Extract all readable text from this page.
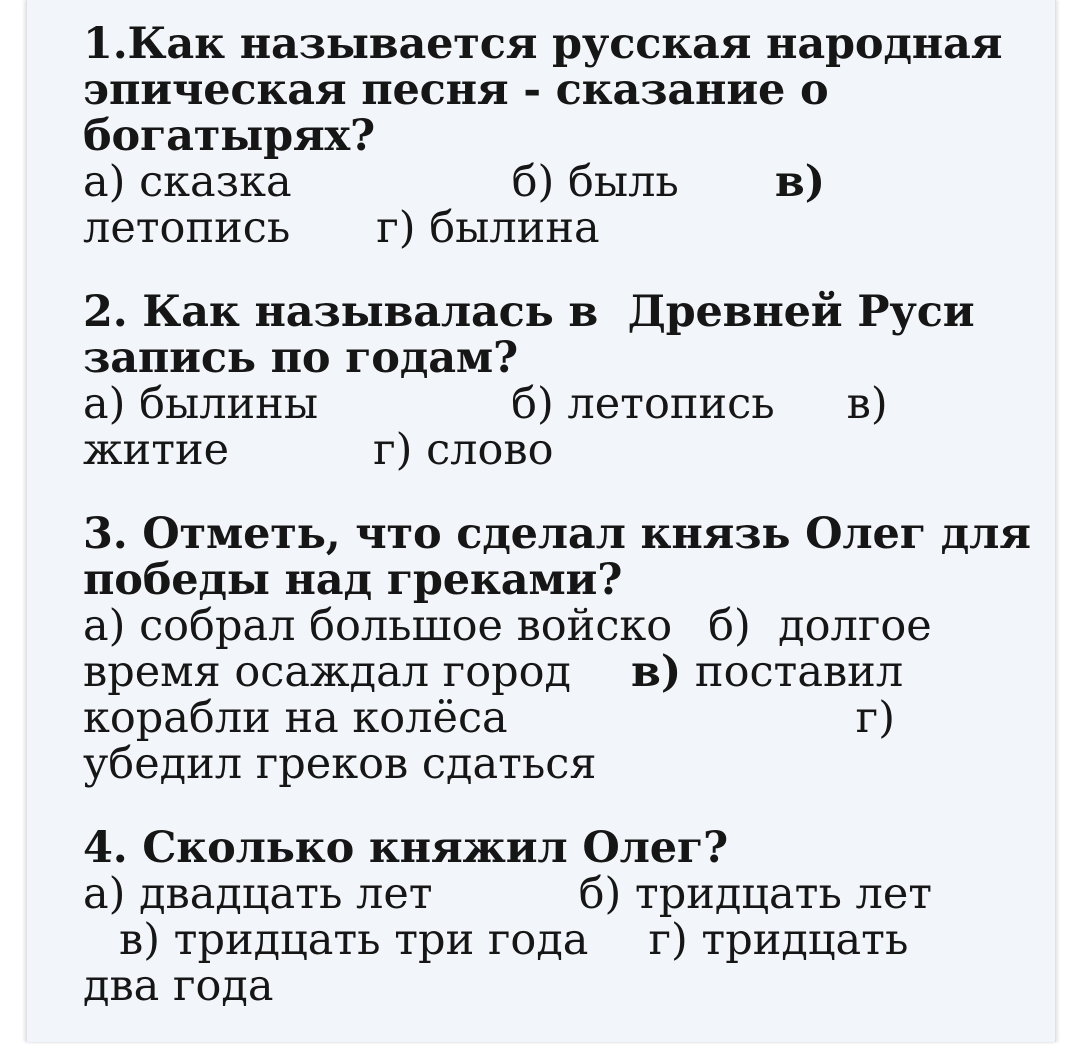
1.Как называется русская народная
эпическая песня - сказание о
богатырях?
а) сказка	б) быль в)
летопись г) былина
2. Как называлась в  Древней Руси
запись по годам?
а) былины	б) летопись в)
житие	г) слово
3. Отметь, что сделал князь Олег для
победы над греками?
а) собрал большое войско б)  долгое
время осаждал город в) поставил
корабли на колёса	г)
убедил греков сдаться
4. Сколько княжил Олег?
а) двадцать лет	б) тридцать лет
в) тридцать три года г) тридцать
два года
